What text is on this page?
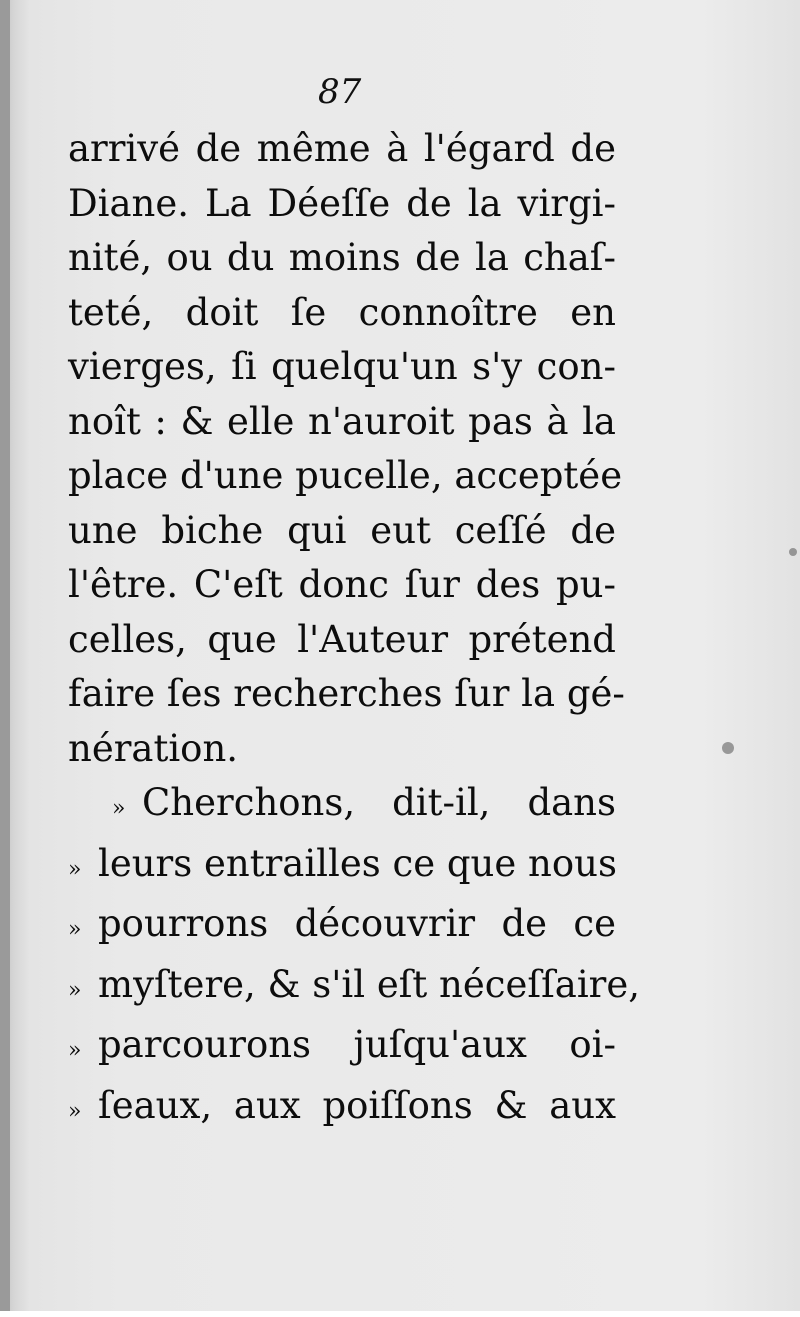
87
arrivé de même à l'égard de
Diane. La Déeſſe de la virgi-
nité, ou du moins de la chaſ-
teté, doit ſe connoître en
vierges, ſi quelqu'un s'y con-
noît : & elle n'auroit pas à la
place d'une pucelle, acceptée
une biche qui eut ceſſé de
l'être. C'eſt donc ſur des pu-
celles, que l'Auteur prétend
faire ſes recherches ſur la gé-
nération.
» Cherchons, dit-il, dans
» leurs entrailles ce que nous
» pourrons découvrir de ce
» myſtere, & s'il eſt néceſſaire,
» parcourons juſqu'aux oi-
» ſeaux, aux poiſſons & aux
